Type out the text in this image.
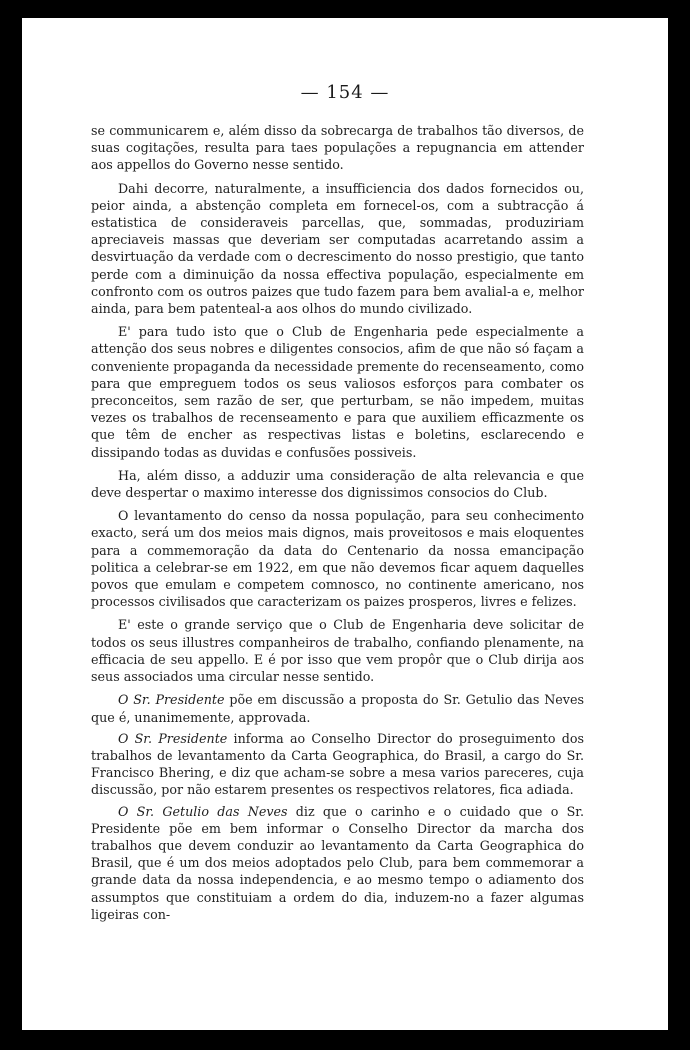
— 154 —

se communicarem e, além disso da sobrecarga de trabalhos tão diversos, de suas cogitações, resulta para taes populações a repugnancia em attender aos appellos do Governo nesse sentido.

Dahi decorre, naturalmente, a insufficiencia dos dados fornecidos ou, peior ainda, a abstenção completa em fornecel-os, com a subtracção á estatistica de consideraveis parcellas, que, sommadas, produziriam apreciaveis massas que deveriam ser computadas acarretando assim a desvirtuação da verdade com o decrescimento do nosso prestigio, que tanto perde com a diminuição da nossa effectiva população, especialmente em confronto com os outros paizes que tudo fazem para bem avalial-a e, melhor ainda, para bem patenteal-a aos olhos do mundo civilizado.

E' para tudo isto que o Club de Engenharia pede especialmente a attenção dos seus nobres e diligentes consocios, afim de que não só façam a conveniente propaganda da necessidade premente do recenseamento, como para que empreguem todos os seus valiosos esforços para combater os preconceitos, sem razão de ser, que perturbam, se não impedem, muitas vezes os trabalhos de recenseamento e para que auxiliem efficazmente os que têm de encher as respectivas listas e boletins, esclarecendo e dissipando todas as duvidas e confusões possiveis.

Ha, além disso, a adduzir uma consideração de alta relevancia e que deve despertar o maximo interesse dos dignissimos consocios do Club.

O levantamento do censo da nossa população, para seu conhecimento exacto, será um dos meios mais dignos, mais proveitosos e mais eloquentes para a commemoração da data do Centenario da nossa emancipação politica a celebrar-se em 1922, em que não devemos ficar aquem daquelles povos que emulam e competem comnosco, no continente americano, nos processos civilisados que caracterizam os paizes prosperos, livres e felizes.

E' este o grande serviço que o Club de Engenharia deve solicitar de todos os seus illustres companheiros de trabalho, confiando plenamente, na efficacia de seu appello. E é por isso que vem propôr que o Club dirija aos seus associados uma circular nesse sentido.

O Sr. Presidente põe em discussão a proposta do Sr. Getulio das Neves que é, unanimemente, approvada.

O Sr. Presidente informa ao Conselho Director do proseguimento dos trabalhos de levantamento da Carta Geographica, do Brasil, a cargo do Sr. Francisco Bhering, e diz que acham-se sobre a mesa varios pareceres, cuja discussão, por não estarem presentes os respectivos relatores, fica adiada.

O Sr. Getulio das Neves diz que o carinho e o cuidado que o Sr. Presidente põe em bem informar o Conselho Director da marcha dos trabalhos que devem conduzir ao levantamento da Carta Geographica do Brasil, que é um dos meios adoptados pelo Club, para bem commemorar a grande data da nossa independencia, e ao mesmo tempo o adiamento dos assumptos que constituiam a ordem do dia, induzem-no a fazer algumas ligeiras con-
